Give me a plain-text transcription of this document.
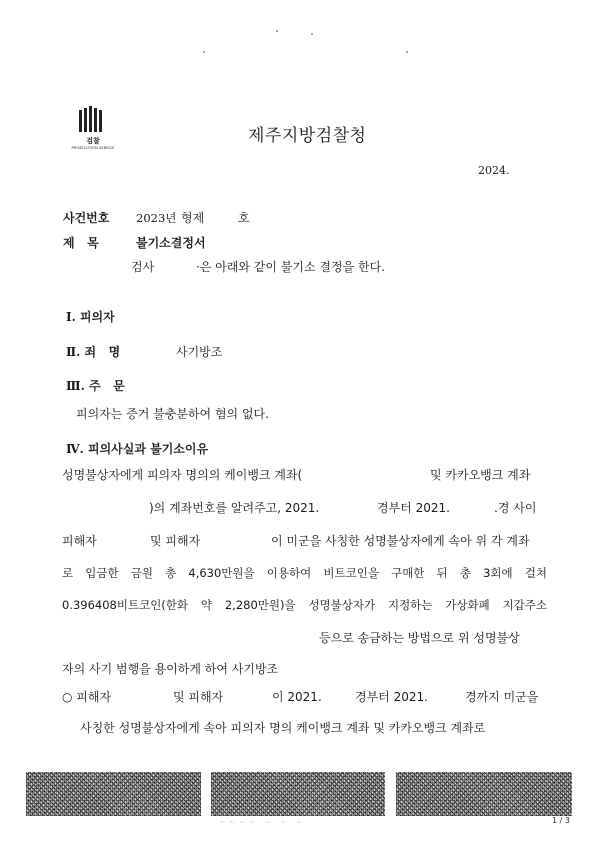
검찰
PROSECUTION SERVICE
제주지방검찰청
2024.
사건번호 2023년 형제	호
제   목	불기소결정서
검사	·은 아래와 같이 불기소 결정을 한다.
Ⅰ. 피의자
Ⅱ. 죄   명	사기방조
Ⅲ. 주   문
피의자는 증거 불충분하여 혐의 없다.
Ⅳ. 피의사실과 불기소이유
성명불상자에게 피의자 명의의 케이뱅크 계좌(	및 카카오뱅크 계좌
)의 계좌번호를 알려주고, 2021.	경부터 2021.	.경 사이
피해자	및 피해자	이 미군을 사칭한 성명불상자에게 속아 위 각 계좌
로 입금한 금원 총 4,630만원을 이용하여 비트코인을 구매한 뒤 총 3회에 걸쳐
0.396408비트코인(한화 약 2,280만원)을 성명불상자가 지정하는 가상화폐 지갑주소
등으로 송금하는 방법으로 위 성명불상
자의 사기 범행을 용이하게 하여 사기방조
○ 피해자	및 피해자	이 2021.	경부터 2021.	경까지 미군을
사칭한 성명불상자에게 속아 피의자 명의 케이뱅크 계좌 및 카카오뱅크 계좌로
ᄂᄂᄂᄂ ᄂ ᄂ ᄂ	1 / 3
